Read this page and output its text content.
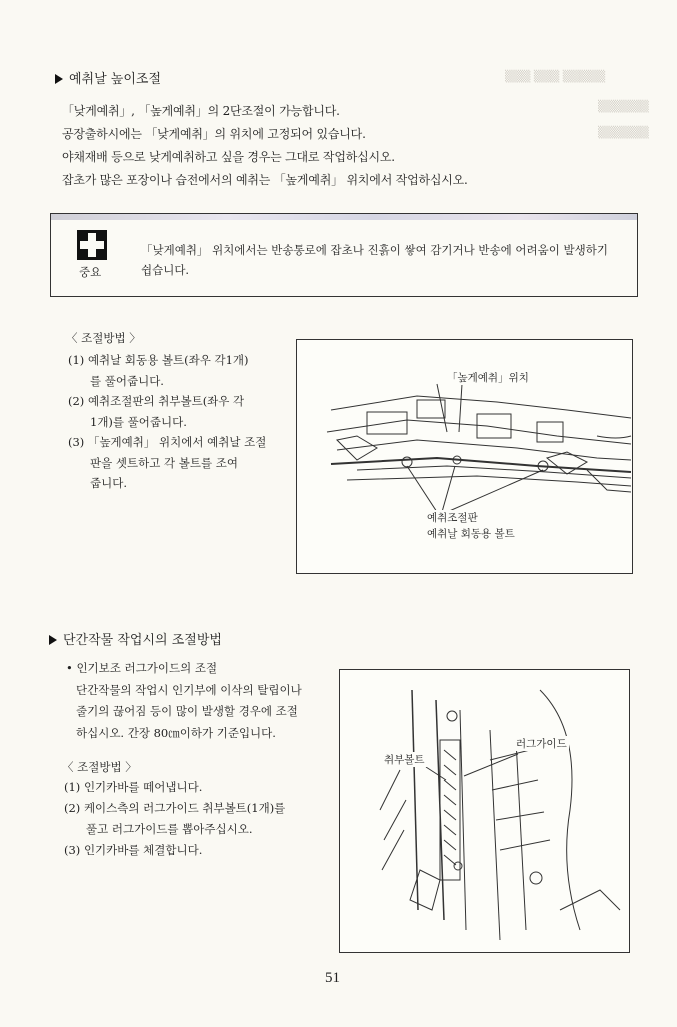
▒▒▒ ▒▒▒ ▒▒▒▒▒
▒▒▒▒▒▒
▒▒▒▒▒▒
예취날 높이조절
「낮게예취」, 「높게예취」의 2단조절이 가능합니다.
공장출하시에는 「낮게예취」의 위치에 고정되어 있습니다.
야채재배 등으로 낮게예취하고 싶을 경우는 그대로 작업하십시오.
잡초가 많은 포장이나 습전에서의 예취는 「높게예취」 위치에서 작업하십시오.
중요
「낮게예취」 위치에서는 반송통로에 잡초나 진흙이 쌓여 감기거나 반송에 어려움이 발생하기
쉽습니다.
〈 조절방법 〉
(1) 예취날 회동용 볼트(좌우 각1개)
를 풀어줍니다.
(2) 예취조절판의 취부볼트(좌우 각
1개)를 풀어줍니다.
(3) 「높게예취」 위치에서 예취날 조절
판을 셋트하고 각 볼트를 조여
줍니다.
「높게예취」위치
예취조절판
예취날 회동용 볼트
단간작물 작업시의 조절방법
• 인기보조 러그가이드의 조절
단간작물의 작업시 인기부에 이삭의 탈립이나
줄기의 끊어짐 등이 많이 발생할 경우에 조절
하십시오. 간장 80㎝이하가 기준입니다.
〈 조절방법 〉
(1) 인기카바를 떼어냅니다.
(2) 케이스측의 러그가이드 취부볼트(1개)를
풀고 러그가이드를 뽑아주십시오.
(3) 인기카바를 체결합니다.
취부볼트
러그가이드
51
